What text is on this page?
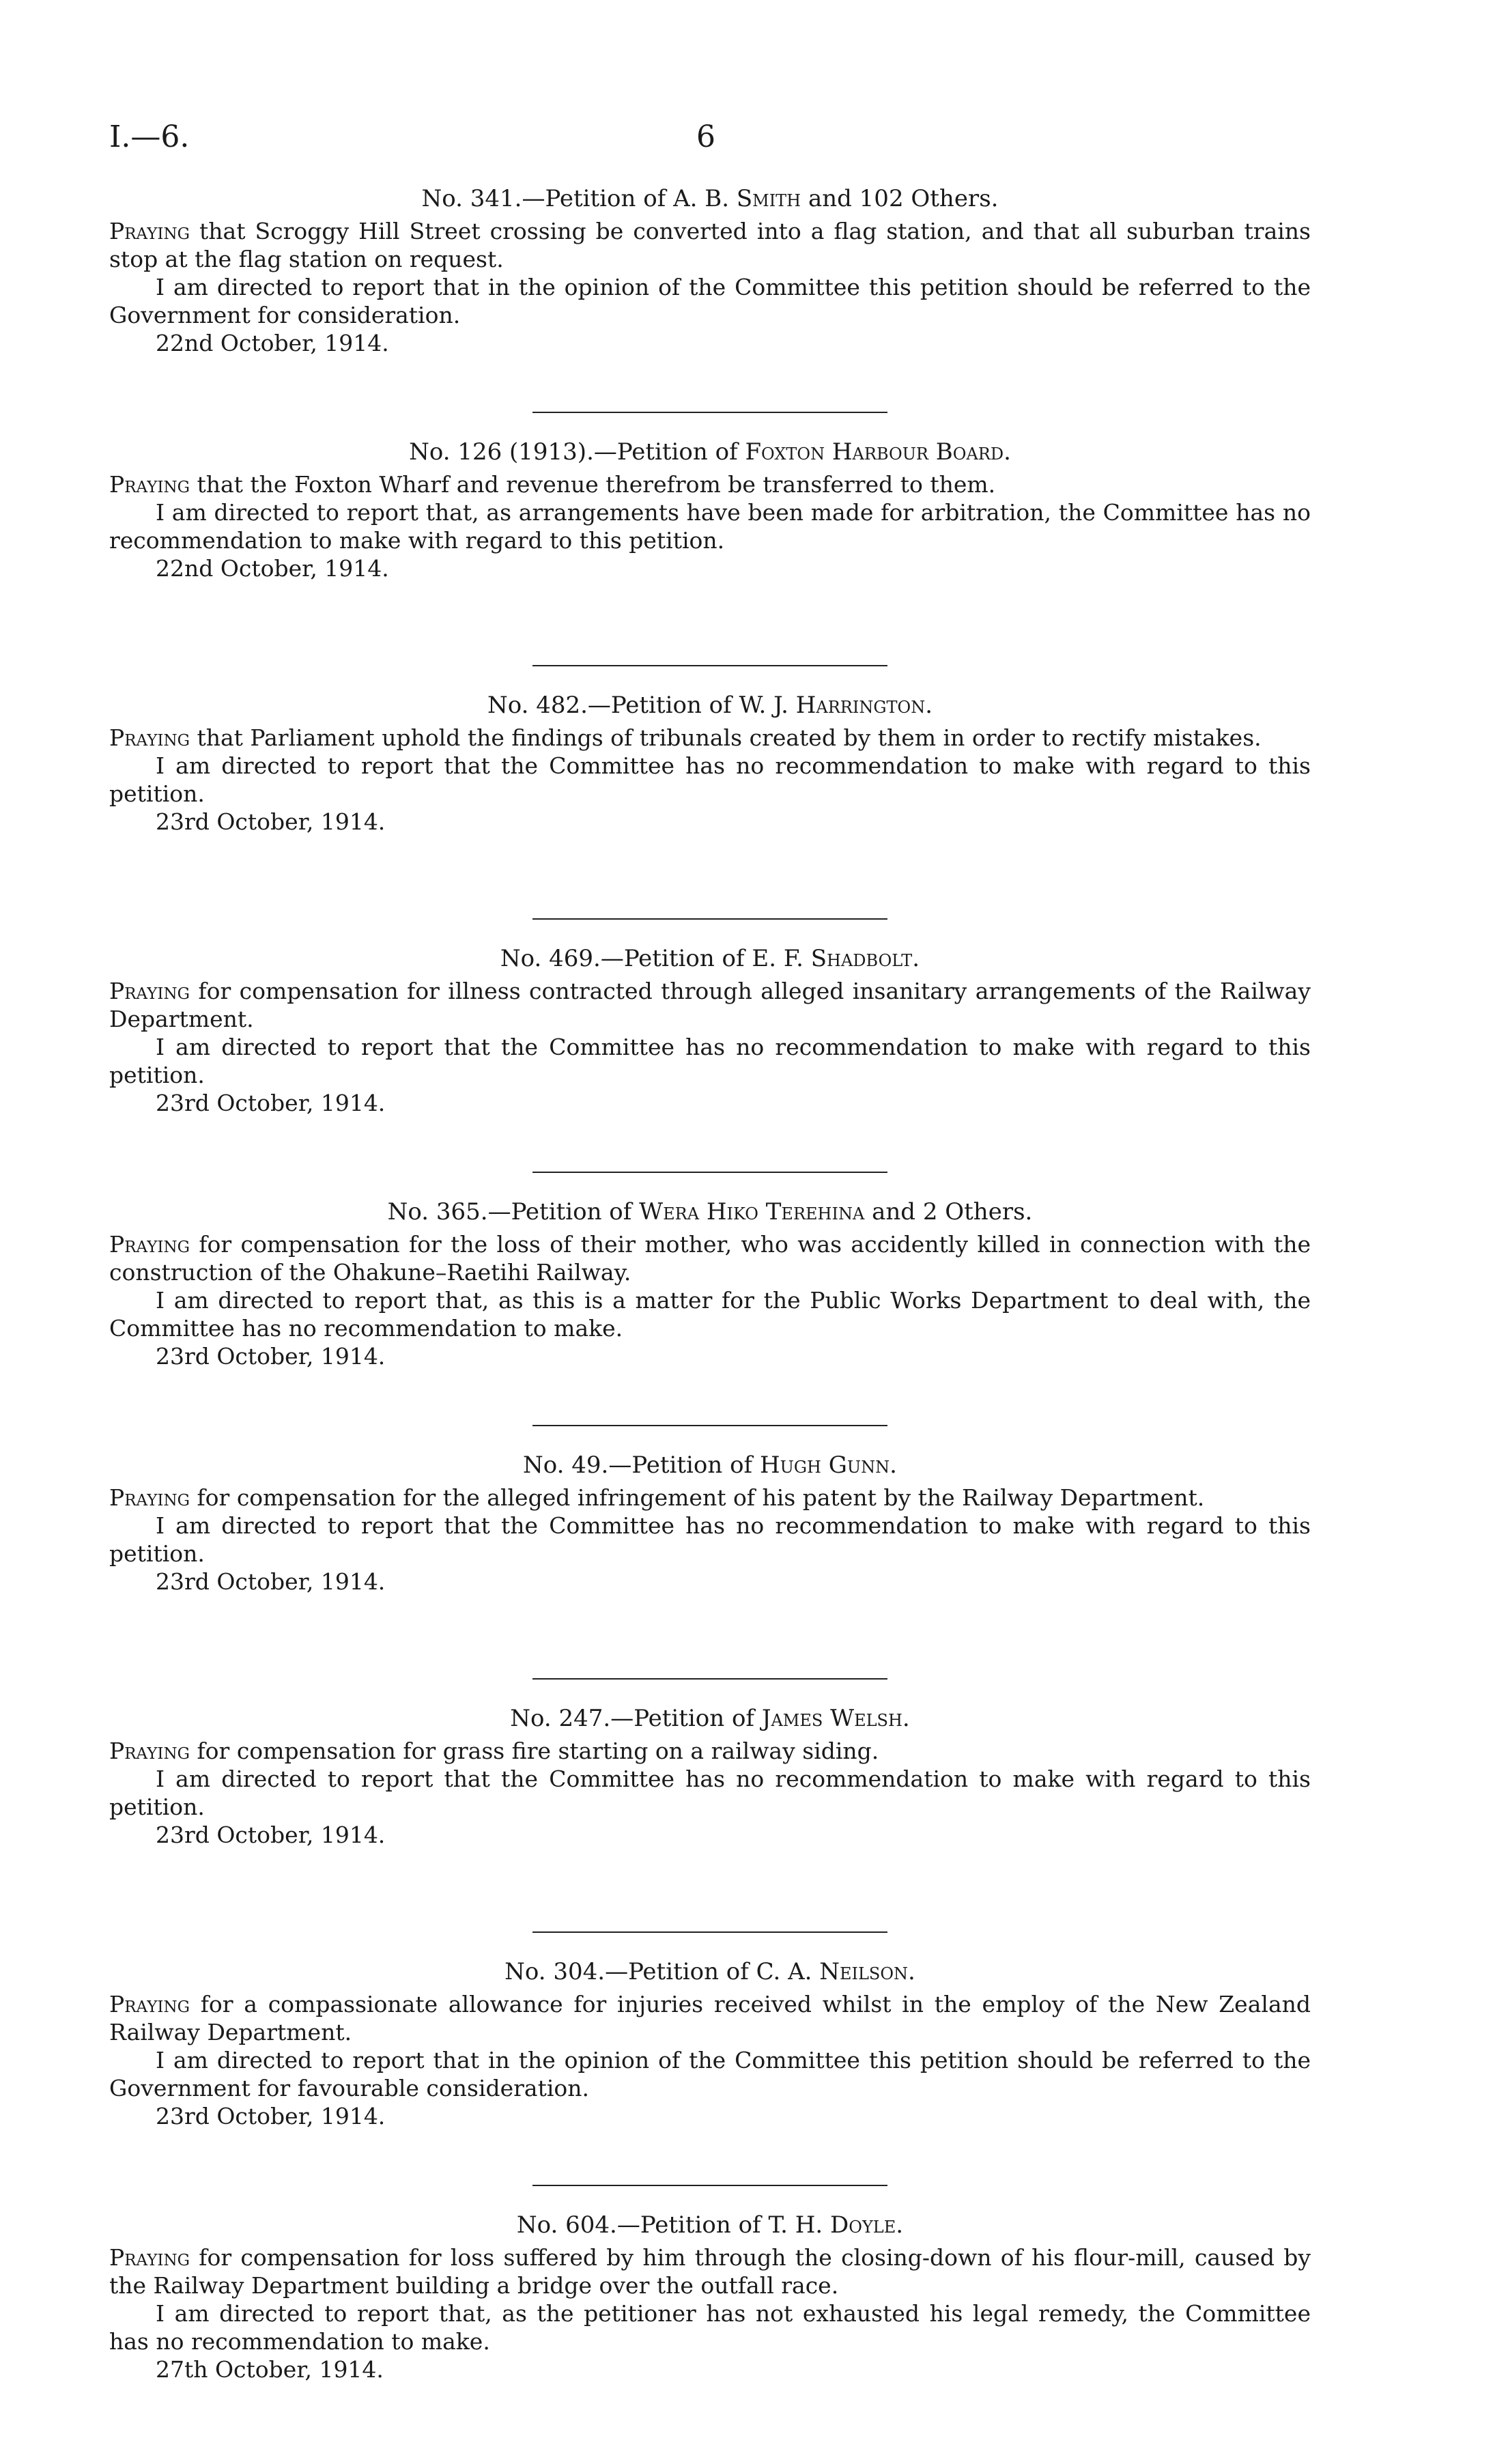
I.—6.	6
No. 341.—Petition of A. B. Smith and 102 Others.

Praying that Scroggy Hill Street crossing be converted into a flag station, and that all suburban trains stop at the flag station on request.

I am directed to report that in the opinion of the Committee this petition should be referred to the Government for consideration.

22nd October, 1914.
No. 126 (1913).—Petition of Foxton Harbour Board.

Praying that the Foxton Wharf and revenue therefrom be transferred to them.

I am directed to report that, as arrangements have been made for arbitration, the Committee has no recommendation to make with regard to this petition.

22nd October, 1914.
No. 482.—Petition of W. J. Harrington.

Praying that Parliament uphold the findings of tribunals created by them in order to rectify mistakes.

I am directed to report that the Committee has no recommendation to make with regard to this petition.

23rd October, 1914.
No. 469.—Petition of E. F. Shadbolt.

Praying for compensation for illness contracted through alleged insanitary arrangements of the Railway Department.

I am directed to report that the Committee has no recommendation to make with regard to this petition.

23rd October, 1914.
No. 365.—Petition of Wera Hiko Terehina and 2 Others.

Praying for compensation for the loss of their mother, who was accidently killed in connection with the construction of the Ohakune–Raetihi Railway.

I am directed to report that, as this is a matter for the Public Works Department to deal with, the Committee has no recommendation to make.

23rd October, 1914.
No. 49.—Petition of Hugh Gunn.

Praying for compensation for the alleged infringement of his patent by the Railway Department.

I am directed to report that the Committee has no recommendation to make with regard to this petition.

23rd October, 1914.
No. 247.—Petition of James Welsh.

Praying for compensation for grass fire starting on a railway siding.

I am directed to report that the Committee has no recommendation to make with regard to this petition.

23rd October, 1914.
No. 304.—Petition of C. A. Neilson.

Praying for a compassionate allowance for injuries received whilst in the employ of the New Zealand Railway Department.

I am directed to report that in the opinion of the Committee this petition should be referred to the Government for favourable consideration.

23rd October, 1914.
No. 604.—Petition of T. H. Doyle.

Praying for compensation for loss suffered by him through the closing-down of his flour-mill, caused by the Railway Department building a bridge over the outfall race.

I am directed to report that, as the petitioner has not exhausted his legal remedy, the Committee has no recommendation to make.

27th October, 1914.
